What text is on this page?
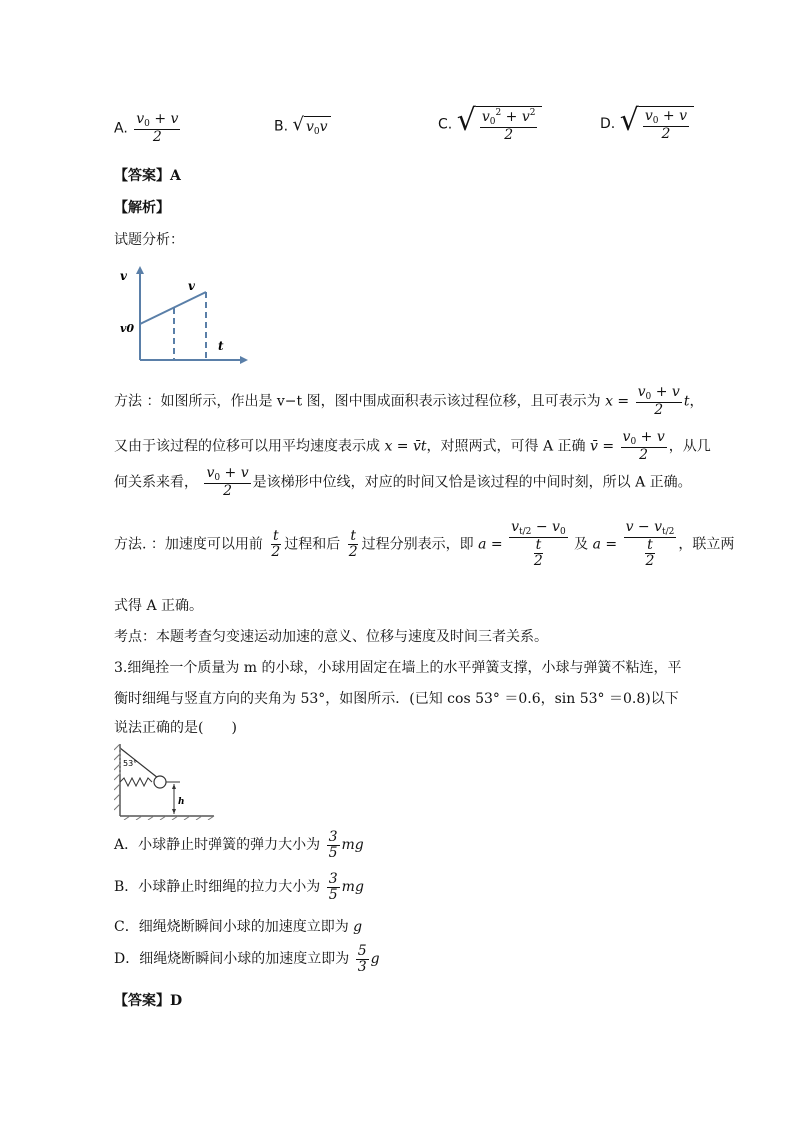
A. $\frac{v_0 + v}{2}$	B. √ $v_0v$	C. √ $\frac{v_0^2 + v^2}{2}$	D. √ $\frac{v_0 + v}{2}$
【答案】A
【解析】
试题分析：
v
t
v0
v
方法 ：如图所示，作出是 v−t 图，图中围成面积表示该过程位移，且可表示为 $x = \frac{v_0 + v}{2}$ t，
又由于该过程的位移可以用平均速度表示成 x = v̄t，对照两式，可得 A 正确 v̄ = $\frac{v_0 + v}{2}$ ，从几
何关系来看， $\frac{v_0 + v}{2}$ 是该梯形中位线，对应的时间又恰是该过程的中间时刻，所以 A 正确。
方法. ：加速度可以用前 $\frac{t}{2}$ 过程和后 $\frac{t}{2}$ 过程分别表示，即 $a = \frac{v_{t/2} - v_0}{\frac{t}{2}}$ 及 $a = \frac{v - v_{t/2}}{\frac{t}{2}}$ ，联立两
式得 A 正确。
考点：本题考查匀变速运动加速的意义、位移与速度及时间三者关系。
3.细绳拴一个质量为 m 的小球，小球用固定在墙上的水平弹簧支撑，小球与弹簧不粘连，平
衡时细绳与竖直方向的夹角为 53°，如图所示．(已知 cos 53° ＝0.6，sin 53° ＝0.8)以下
说法正确的是(　　)
53°
h
A．小球静止时弹簧的弹力大小为 $\frac{3}{5}$ mg
B．小球静止时细绳的拉力大小为 $\frac{3}{5}$ mg
C．细绳烧断瞬间小球的加速度立即为 g
D．细绳烧断瞬间小球的加速度立即为 $\frac{5}{3}$ g
【答案】D
